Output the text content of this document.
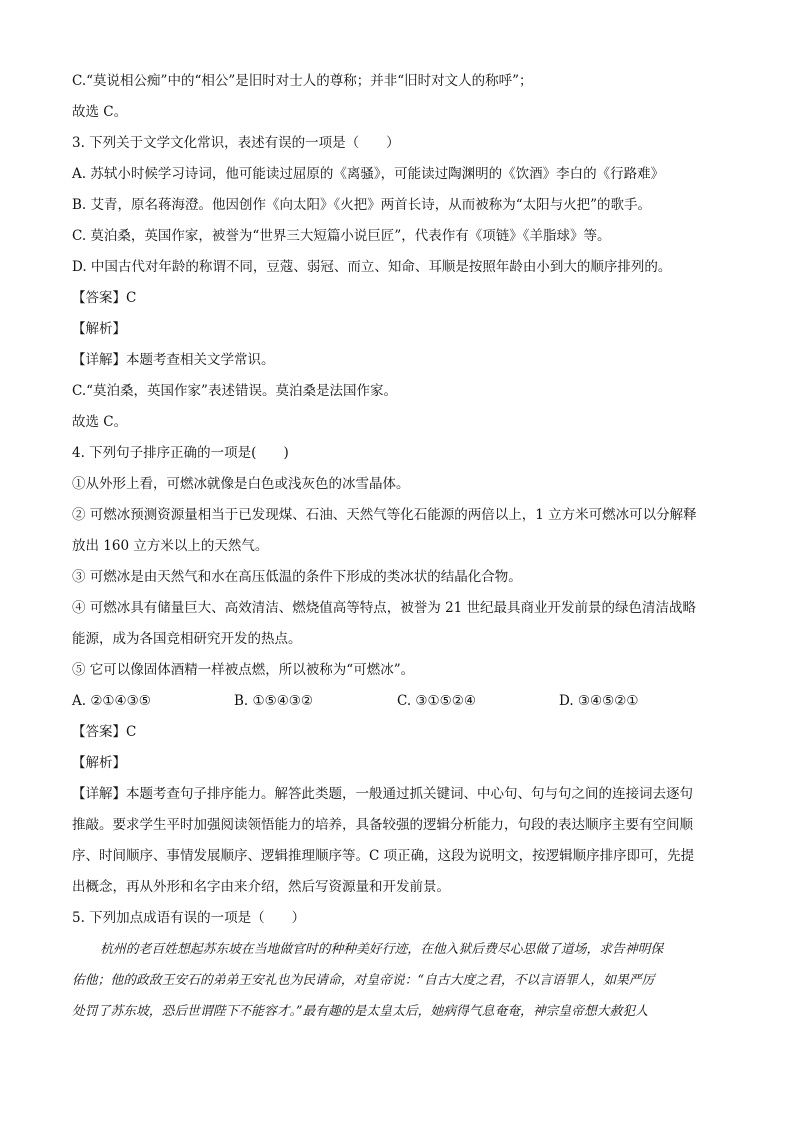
C.“莫说相公痴”中的“相公”是旧时对士人的尊称；并非“旧时对文人的称呼”；
故选 C。
3. 下列关于文学文化常识，表述有误的一项是（　　）
A. 苏轼小时候学习诗词，他可能读过屈原的《离骚》，可能读过陶渊明的《饮酒》李白的《行路难》
B. 艾青，原名蒋海澄。他因创作《向太阳》《火把》两首长诗，从而被称为“太阳与火把”的歌手。
C. 莫泊桑，英国作家，被誉为“世界三大短篇小说巨匠”，代表作有《项链》《羊脂球》等。
D. 中国古代对年龄的称谓不同，豆蔻、弱冠、而立、知命、耳顺是按照年龄由小到大的顺序排列的。
【答案】C
【解析】
【详解】本题考查相关文学常识。
C.“莫泊桑，英国作家”表述错误。莫泊桑是法国作家。
故选 C。
4. 下列句子排序正确的一项是(　　)
①从外形上看，可燃冰就像是白色或浅灰色的冰雪晶体。
② 可燃冰预测资源量相当于已发现煤、石油、天然气等化石能源的两倍以上，1 立方米可燃冰可以分解释
放出 160 立方米以上的天然气。
③ 可燃冰是由天然气和水在高压低温的条件下形成的类冰状的结晶化合物。
④ 可燃冰具有储量巨大、高效清洁、燃烧值高等特点，被誉为 21 世纪最具商业开发前景的绿色清洁战略
能源，成为各国竞相研究开发的热点。
⑤ 它可以像固体酒精一样被点燃，所以被称为“可燃冰”。
A. ②①④③⑤	B. ①⑤④③②	C. ③①⑤②④	D. ③④⑤②①
【答案】C
【解析】
【详解】本题考查句子排序能力。解答此类题，一般通过抓关键词、中心句、句与句之间的连接词去逐句
推敲。要求学生平时加强阅读领悟能力的培养，具备较强的逻辑分析能力，句段的表达顺序主要有空间顺
序、时间顺序、事情发展顺序、逻辑推理顺序等。C 项正确，这段为说明文，按逻辑顺序排序即可，先提
出概念，再从外形和名字由来介绍，然后写资源量和开发前景。
5. 下列加点成语有误的一项是（　　）
杭州的老百姓想起苏东坡在当地做官时的种种美好行迹，在他入狱后费尽心思做了道场，求告神明保
佑他；他的政敌王安石的弟弟王安礼也为民请命，对皇帝说：“自古大度之君，不以言语罪人，如果严厉
处罚了苏东坡，恐后世谓陛下不能容才。”最有趣的是太皇太后，她病得气息奄奄，神宗皇帝想大赦犯人
